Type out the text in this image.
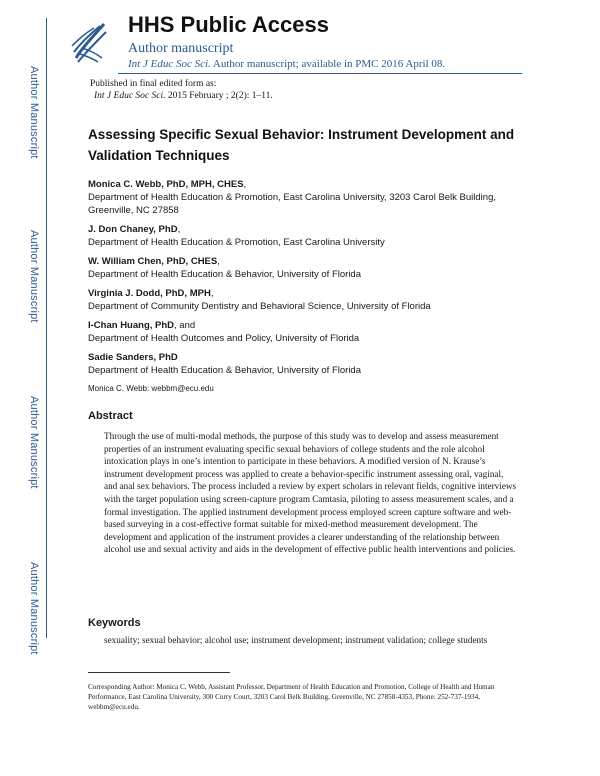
Author Manuscript
Author Manuscript
Author Manuscript
Author Manuscript
HHS Public Access
Author manuscript
Int J Educ Soc Sci. Author manuscript; available in PMC 2016 April 08.
Published in final edited form as:
Int J Educ Soc Sci. 2015 February ; 2(2): 1–11.
Assessing Specific Sexual Behavior: Instrument Development and Validation Techniques
Monica C. Webb, PhD, MPH, CHES,
Department of Health Education & Promotion, East Carolina University, 3203 Carol Belk Building, Greenville, NC 27858
J. Don Chaney, PhD,
Department of Health Education & Promotion, East Carolina University
W. William Chen, PhD, CHES,
Department of Health Education & Behavior, University of Florida
Virginia J. Dodd, PhD, MPH,
Department of Community Dentistry and Behavioral Science, University of Florida
I-Chan Huang, PhD, and
Department of Health Outcomes and Policy, University of Florida
Sadie Sanders, PhD
Department of Health Education & Behavior, University of Florida
Monica C. Webb: webbm@ecu.edu
Abstract
Through the use of multi-modal methods, the purpose of this study was to develop and assess measurement properties of an instrument evaluating specific sexual behaviors of college students and the role alcohol intoxication plays in one’s intention to participate in these behaviors. A modified version of N. Krause’s instrument development process was applied to create a behavior-specific instrument assessing oral, vaginal, and anal sex behaviors. The process included a review by expert scholars in relevant fields, cognitive interviews with the target population using screen-capture program Camtasia, piloting to assess measurement scales, and a formal investigation. The applied instrument development process employed screen capture software and web-based surveying in a cost-effective format suitable for mixed-method measurement development. The development and application of the instrument provides a clearer understanding of the relationship between alcohol use and sexual activity and aids in the development of effective public health interventions and policies.
Keywords
sexuality; sexual behavior; alcohol use; instrument development; instrument validation; college students
Corresponding Author: Monica C. Webb, Assistant Professor, Department of Health Education and Promotion, College of Health and Human Performance, East Carolina University, 300 Curry Court, 3203 Carol Belk Building, Greenville, NC 27858-4353, Phone: 252-737-1934, webbm@ecu.edu.
